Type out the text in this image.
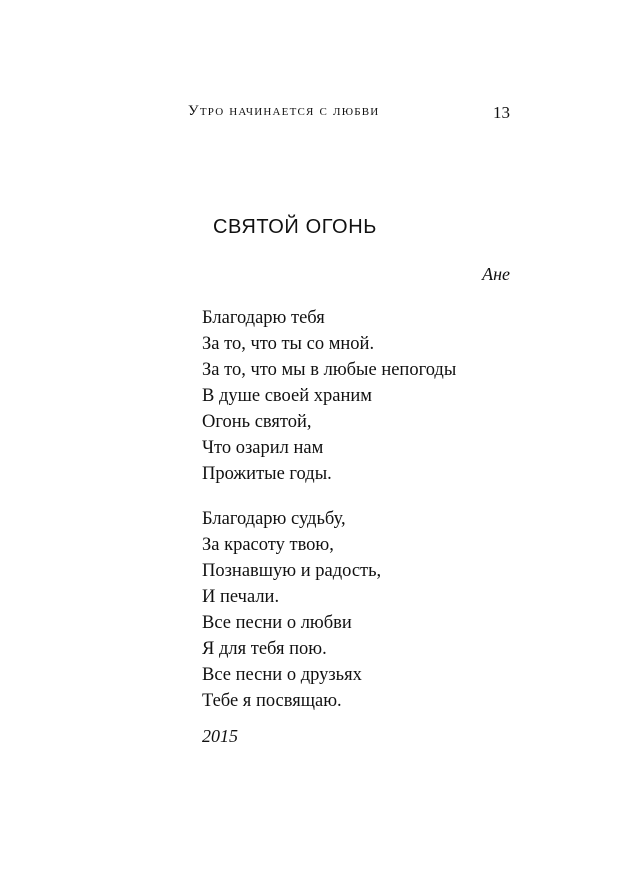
Утро начинается с любви	13
СВЯТОЙ ОГОНЬ
Ане
Благодарю тебя
За то, что ты со мной.
За то, что мы в любые непогоды
В душе своей храним
Огонь святой,
Что озарил нам
Прожитые годы.
Благодарю судьбу,
За красоту твою,
Познавшую и радость,
И печали.
Все песни о любви
Я для тебя пою.
Все песни о друзьях
Тебе я посвящаю.
2015
